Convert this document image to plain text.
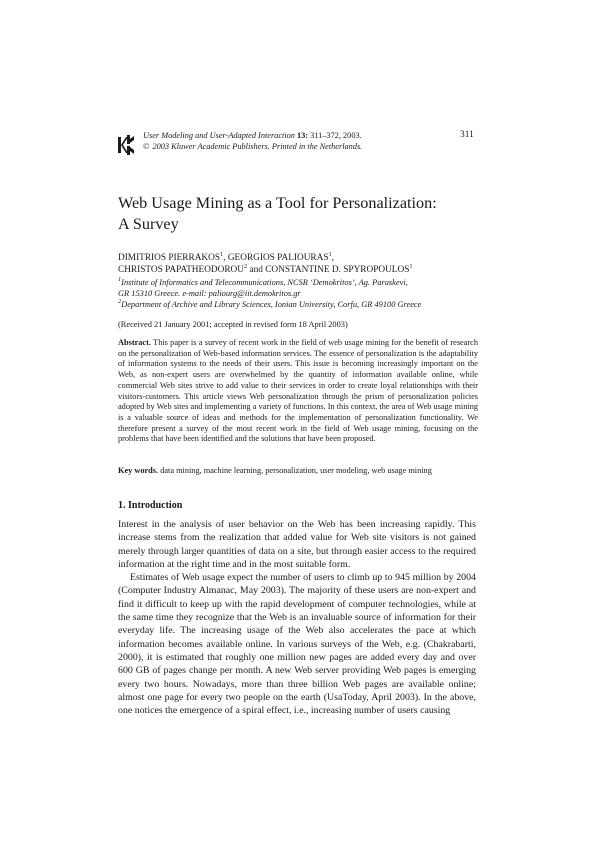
User Modeling and User-Adapted Interaction 13: 311–372, 2003.
© 2003 Kluwer Academic Publishers. Printed in the Netherlands.
311
Web Usage Mining as a Tool for Personalization:
A Survey
DIMITRIOS PIERRAKOS$^1$, GEORGIOS PALIOURAS$^1$,
CHRISTOS PAPATHEODOROU$^2$ and CONSTANTINE D. SPYROPOULOS$^1$
$^1$Institute of Informatics and Telecommunications, NCSR ‘Demokritos’, Ag. Paraskevi,
GR 15310 Greece. e-mail: paliourg@iit.demokritos.gr
$^2$Department of Archive and Library Sciences, Ionian University, Corfu, GR 49100 Greece
(Received 21 January 2001; accepted in revised form 18 April 2003)
Abstract. This paper is a survey of recent work in the field of web usage mining for the benefit of research on the personalization of Web-based information services. The essence of personalization is the adaptability of information systems to the needs of their users. This issue is becoming increasingly important on the Web, as non-expert users are overwhelmed by the quantity of information available online, while commercial Web sites strive to add value to their services in order to create loyal relationships with their visitors-customers. This article views Web personalization through the prism of personalization policies adopted by Web sites and implementing a variety of functions. In this context, the area of Web usage mining is a valuable source of ideas and methods for the implementation of personalization functionality. We therefore present a survey of the most recent work in the field of Web usage mining, focusing on the problems that have been identified and the solutions that have been proposed.
Key words. data mining, machine learning, personalization, user modeling, web usage mining
1. Introduction

Interest in the analysis of user behavior on the Web has been increasing rapidly. This increase stems from the realization that added value for Web site visitors is not gained merely through larger quantities of data on a site, but through easier access to the required information at the right time and in the most suitable form.

Estimates of Web usage expect the number of users to climb up to 945 million by 2004 (Computer Industry Almanac, May 2003). The majority of these users are non-expert and find it difficult to keep up with the rapid development of computer technologies, while at the same time they recognize that the Web is an invaluable source of information for their everyday life. The increasing usage of the Web also accelerates the pace at which information becomes available online. In various surveys of the Web, e.g. (Chakrabarti, 2000), it is estimated that roughly one million new pages are added every day and over 600 GB of pages change per month. A new Web server providing Web pages is emerging every two hours. Nowadays, more than three billion Web pages are available online; almost one page for every two people on the earth (UsaToday, April 2003). In the above, one notices the emergence of a spiral effect, i.e., increasing number of users causing
